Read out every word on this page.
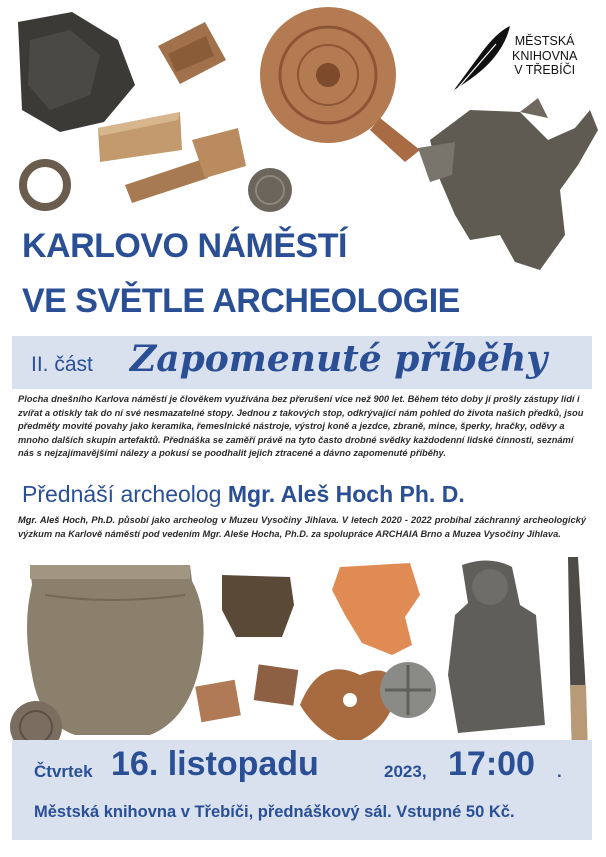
MĚSTSKÁ
KNIHOVNA
V TŘEBÍČI
KARLOVO NÁMĚSTÍ
VE SVĚTLE ARCHEOLOGIE
II. část Zapomenuté příběhy
Plocha dnešního Karlova náměstí je člověkem využívána bez přerušení více než 900 let. Během této doby jí prošly zástupy lidí i zvířat a otiskly tak do ní své nesmazatelné stopy. Jednou z takových stop, odkrývající nám pohled do života našich předků, jsou předměty movité povahy jako keramika, řemeslnické nástroje, výstroj koně a jezdce, zbraně, mince, šperky, hračky, oděvy a mnoho dalších skupin artefaktů. Přednáška se zaměří právě na tyto často drobné svědky každodenní lidské činnosti, seznámí nás s nejzajímavějšími nálezy a pokusí se poodhalit jejich ztracené a dávno zapomenuté příběhy.
Přednáší archeolog Mgr. Aleš Hoch Ph. D.
Mgr. Aleš Hoch, Ph.D. působí jako archeolog v Muzeu Vysočiny Jihlava. V letech 2020 - 2022 probíhal záchranný archeologický výzkum na Karlově náměstí pod vedením Mgr. Aleše Hocha, Ph.D. za spolupráce ARCHAIA Brno a Muzea Vysočiny Jihlava.
Čtvrtek 16. listopadu	2023, 17:00 .
Městská knihovna v Třebíči, přednáškový sál. Vstupné 50 Kč.
